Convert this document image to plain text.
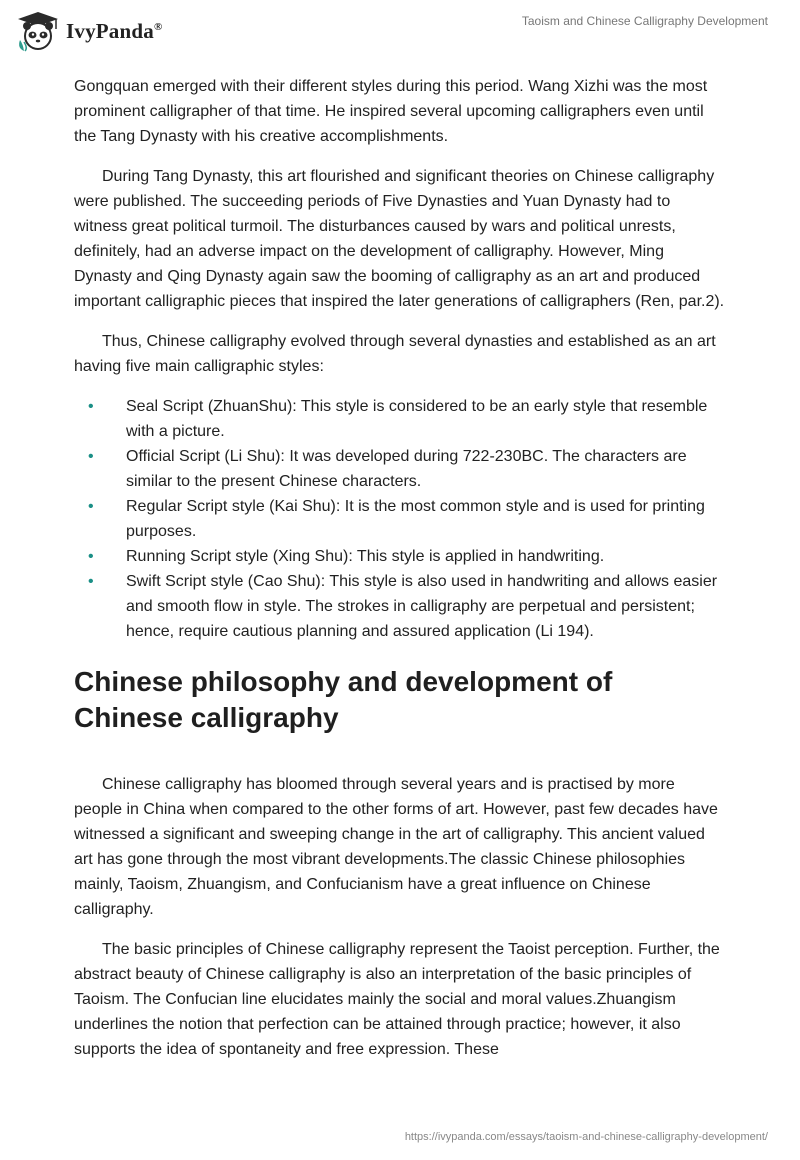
IvyPanda®	Taoism and Chinese Calligraphy Development

Gongquan emerged with their different styles during this period. Wang Xizhi was the most prominent calligrapher of that time. He inspired several upcoming calligraphers even until the Tang Dynasty with his creative accomplishments.

During Tang Dynasty, this art flourished and significant theories on Chinese calligraphy were published. The succeeding periods of Five Dynasties and Yuan Dynasty had to witness great political turmoil. The disturbances caused by wars and political unrests, definitely, had an adverse impact on the development of calligraphy. However, Ming Dynasty and Qing Dynasty again saw the booming of calligraphy as an art and produced important calligraphic pieces that inspired the later generations of calligraphers (Ren, par.2).

Thus, Chinese calligraphy evolved through several dynasties and established as an art having five main calligraphic styles:

• Seal Script (ZhuanShu): This style is considered to be an early style that resemble with a picture.
• Official Script (Li Shu): It was developed during 722-230BC. The characters are similar to the present Chinese characters.
• Regular Script style (Kai Shu): It is the most common style and is used for printing purposes.
• Running Script style (Xing Shu): This style is applied in handwriting.
• Swift Script style (Cao Shu): This style is also used in handwriting and allows easier and smooth flow in style. The strokes in calligraphy are perpetual and persistent; hence, require cautious planning and assured application (Li 194).
Chinese philosophy and development of Chinese calligraphy

Chinese calligraphy has bloomed through several years and is practised by more people in China when compared to the other forms of art. However, past few decades have witnessed a significant and sweeping change in the art of calligraphy. This ancient valued art has gone through the most vibrant developments.The classic Chinese philosophies mainly, Taoism, Zhuangism, and Confucianism have a great influence on Chinese calligraphy.

The basic principles of Chinese calligraphy represent the Taoist perception. Further, the abstract beauty of Chinese calligraphy is also an interpretation of the basic principles of Taoism. The Confucian line elucidates mainly the social and moral values.Zhuangism underlines the notion that perfection can be attained through practice; however, it also supports the idea of spontaneity and free expression. These

https://ivypanda.com/essays/taoism-and-chinese-calligraphy-development/
